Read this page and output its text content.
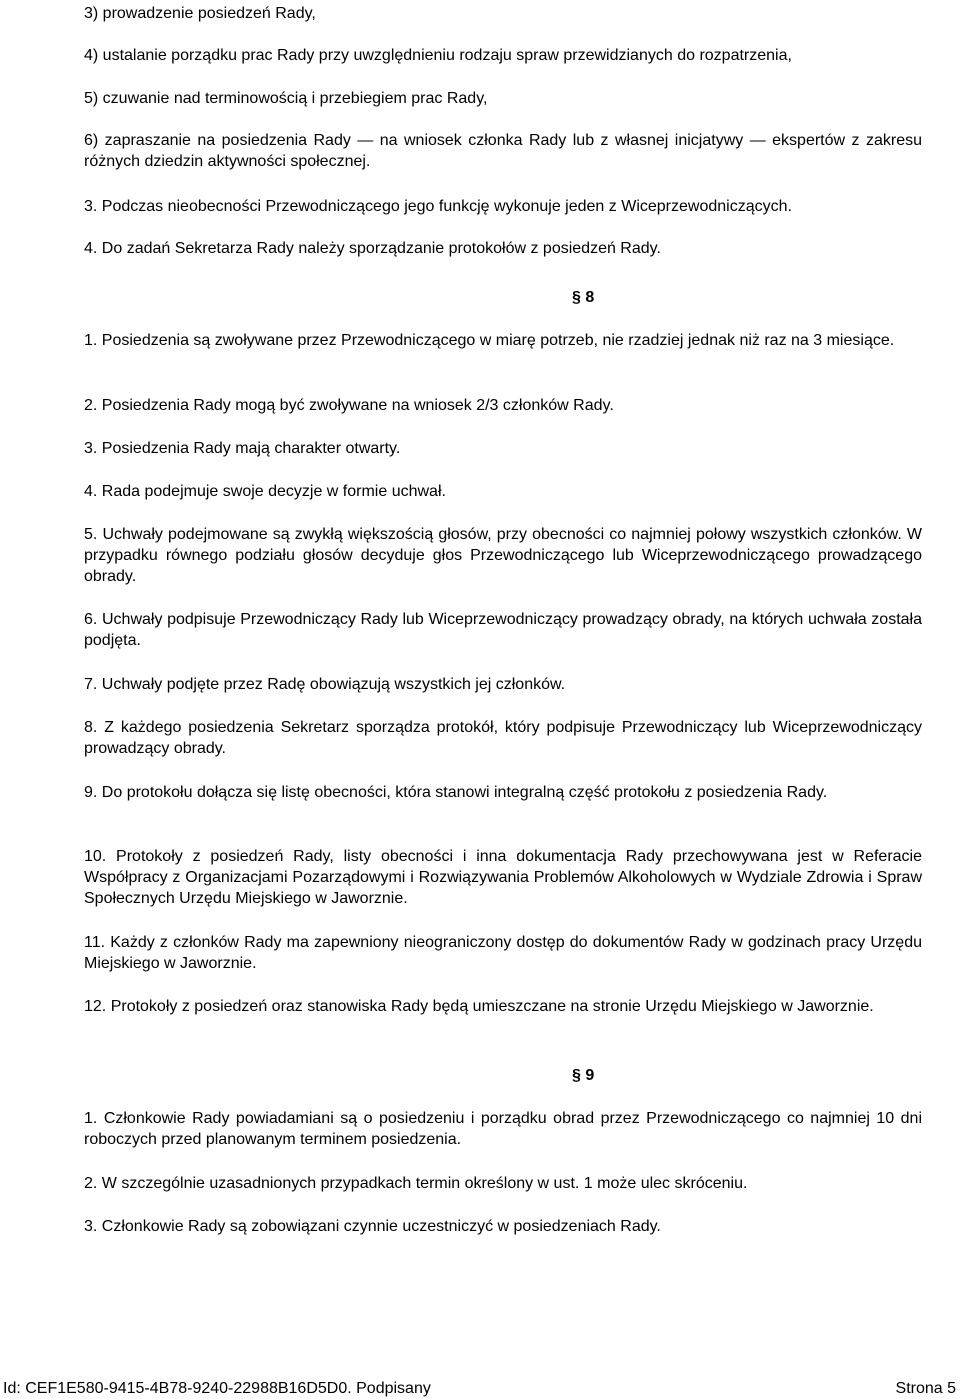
3) prowadzenie posiedzeń Rady,

4) ustalanie porządku prac Rady przy uwzględnieniu rodzaju spraw przewidzianych do rozpatrzenia,

5) czuwanie nad terminowością i przebiegiem prac Rady,

6) zapraszanie na posiedzenia Rady — na wniosek członka Rady lub z własnej inicjatywy — ekspertów z zakresu różnych dziedzin aktywności społecznej.

3. Podczas nieobecności Przewodniczącego jego funkcję wykonuje jeden z Wiceprzewodniczących.

4. Do zadań Sekretarza Rady należy sporządzanie protokołów z posiedzeń Rady.

§ 8

1. Posiedzenia są zwoływane przez Przewodniczącego w miarę potrzeb, nie rzadziej jednak niż raz na 3 miesiące.

2. Posiedzenia Rady mogą być zwoływane na wniosek 2/3 członków Rady.

3. Posiedzenia Rady mają charakter otwarty.

4. Rada podejmuje swoje decyzje w formie uchwał.

5. Uchwały podejmowane są zwykłą większością głosów, przy obecności co najmniej połowy wszystkich członków. W przypadku równego podziału głosów decyduje głos Przewodniczącego lub Wiceprzewodniczącego prowadzącego obrady.

6. Uchwały podpisuje Przewodniczący Rady lub Wiceprzewodniczący prowadzący obrady, na których uchwała została podjęta.

7. Uchwały podjęte przez Radę obowiązują wszystkich jej członków.

8. Z każdego posiedzenia Sekretarz sporządza protokół, który podpisuje Przewodniczący lub Wiceprzewodniczący prowadzący obrady.

9. Do protokołu dołącza się listę obecności, która stanowi integralną część protokołu z posiedzenia Rady.

10. Protokoły z posiedzeń Rady, listy obecności i inna dokumentacja Rady przechowywana jest w Referacie Współpracy z Organizacjami Pozarządowymi i Rozwiązywania Problemów Alkoholowych w Wydziale Zdrowia i Spraw Społecznych Urzędu Miejskiego w Jaworznie.

11. Każdy z członków Rady ma zapewniony nieograniczony dostęp do dokumentów Rady w godzinach pracy Urzędu Miejskiego w Jaworznie.

12. Protokoły z posiedzeń oraz stanowiska Rady będą umieszczane na stronie Urzędu Miejskiego w Jaworznie.

§ 9

1. Członkowie Rady powiadamiani są o posiedzeniu i porządku obrad przez Przewodniczącego co najmniej 10 dni roboczych przed planowanym terminem posiedzenia.

2. W szczególnie uzasadnionych przypadkach termin określony w ust. 1 może ulec skróceniu.

3. Członkowie Rady są zobowiązani czynnie uczestniczyć w posiedzeniach Rady.

Id: CEF1E580-9415-4B78-9240-22988B16D5D0. Podpisany	Strona 5
